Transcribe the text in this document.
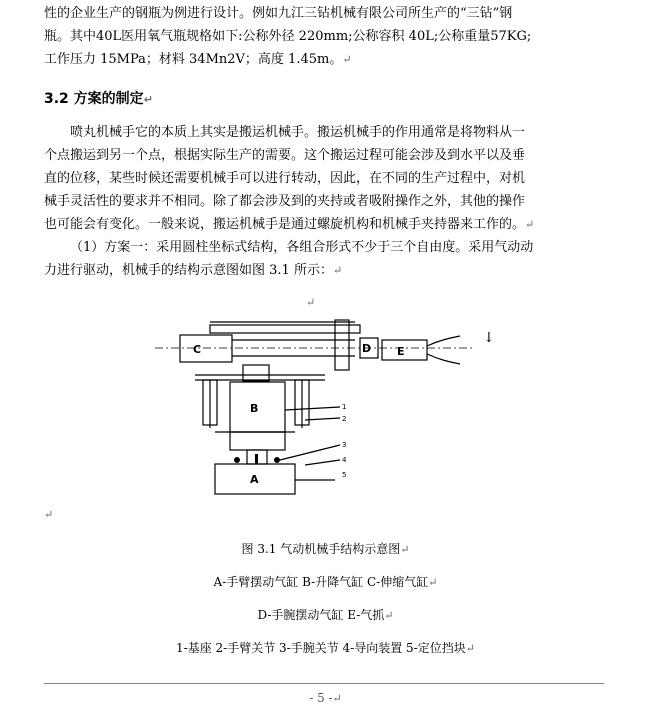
性的企业生产的钢瓶为例进行设计。例如九江三钻机械有限公司所生产的“三钻”钢
瓶。其中40L医用氧气瓶规格如下:公称外径 220mm;公称容积 40L;公称重量57KG;
工作压力 15MPa；材料 34Mn2V；高度 1.45m。↵
3.2 方案的制定↵
喷丸机械手它的本质上其实是搬运机械手。搬运机械手的作用通常是将物料从一
个点搬运到另一个点，根据实际生产的需要。这个搬运过程可能会涉及到水平以及垂
直的位移，某些时候还需要机械手可以进行转动，因此，在不同的生产过程中，对机
械手灵活性的要求并不相同。除了都会涉及到的夹持或者吸附操作之外，其他的操作
也可能会有变化。一般来说，搬运机械手是通过螺旋机构和机械手夹持器来工作的。↵
（1）方案一：采用圆柱坐标式结构，各组合形式不少于三个自由度。采用气动动
力进行驱动，机械手的结构示意图如图 3.1 所示：↵
↵
C	D E
B
A
1
2
3
4
5
↓
↵
图 3.1 气动机械手结构示意图↵
A-手臂摆动气缸 B-升降气缸 C-伸缩气缸↵
D-手腕摆动气缸 E-气抓↵
1-基座 2-手臂关节 3-手腕关节 4-导向装置 5-定位挡块↵
- 5 -↵
